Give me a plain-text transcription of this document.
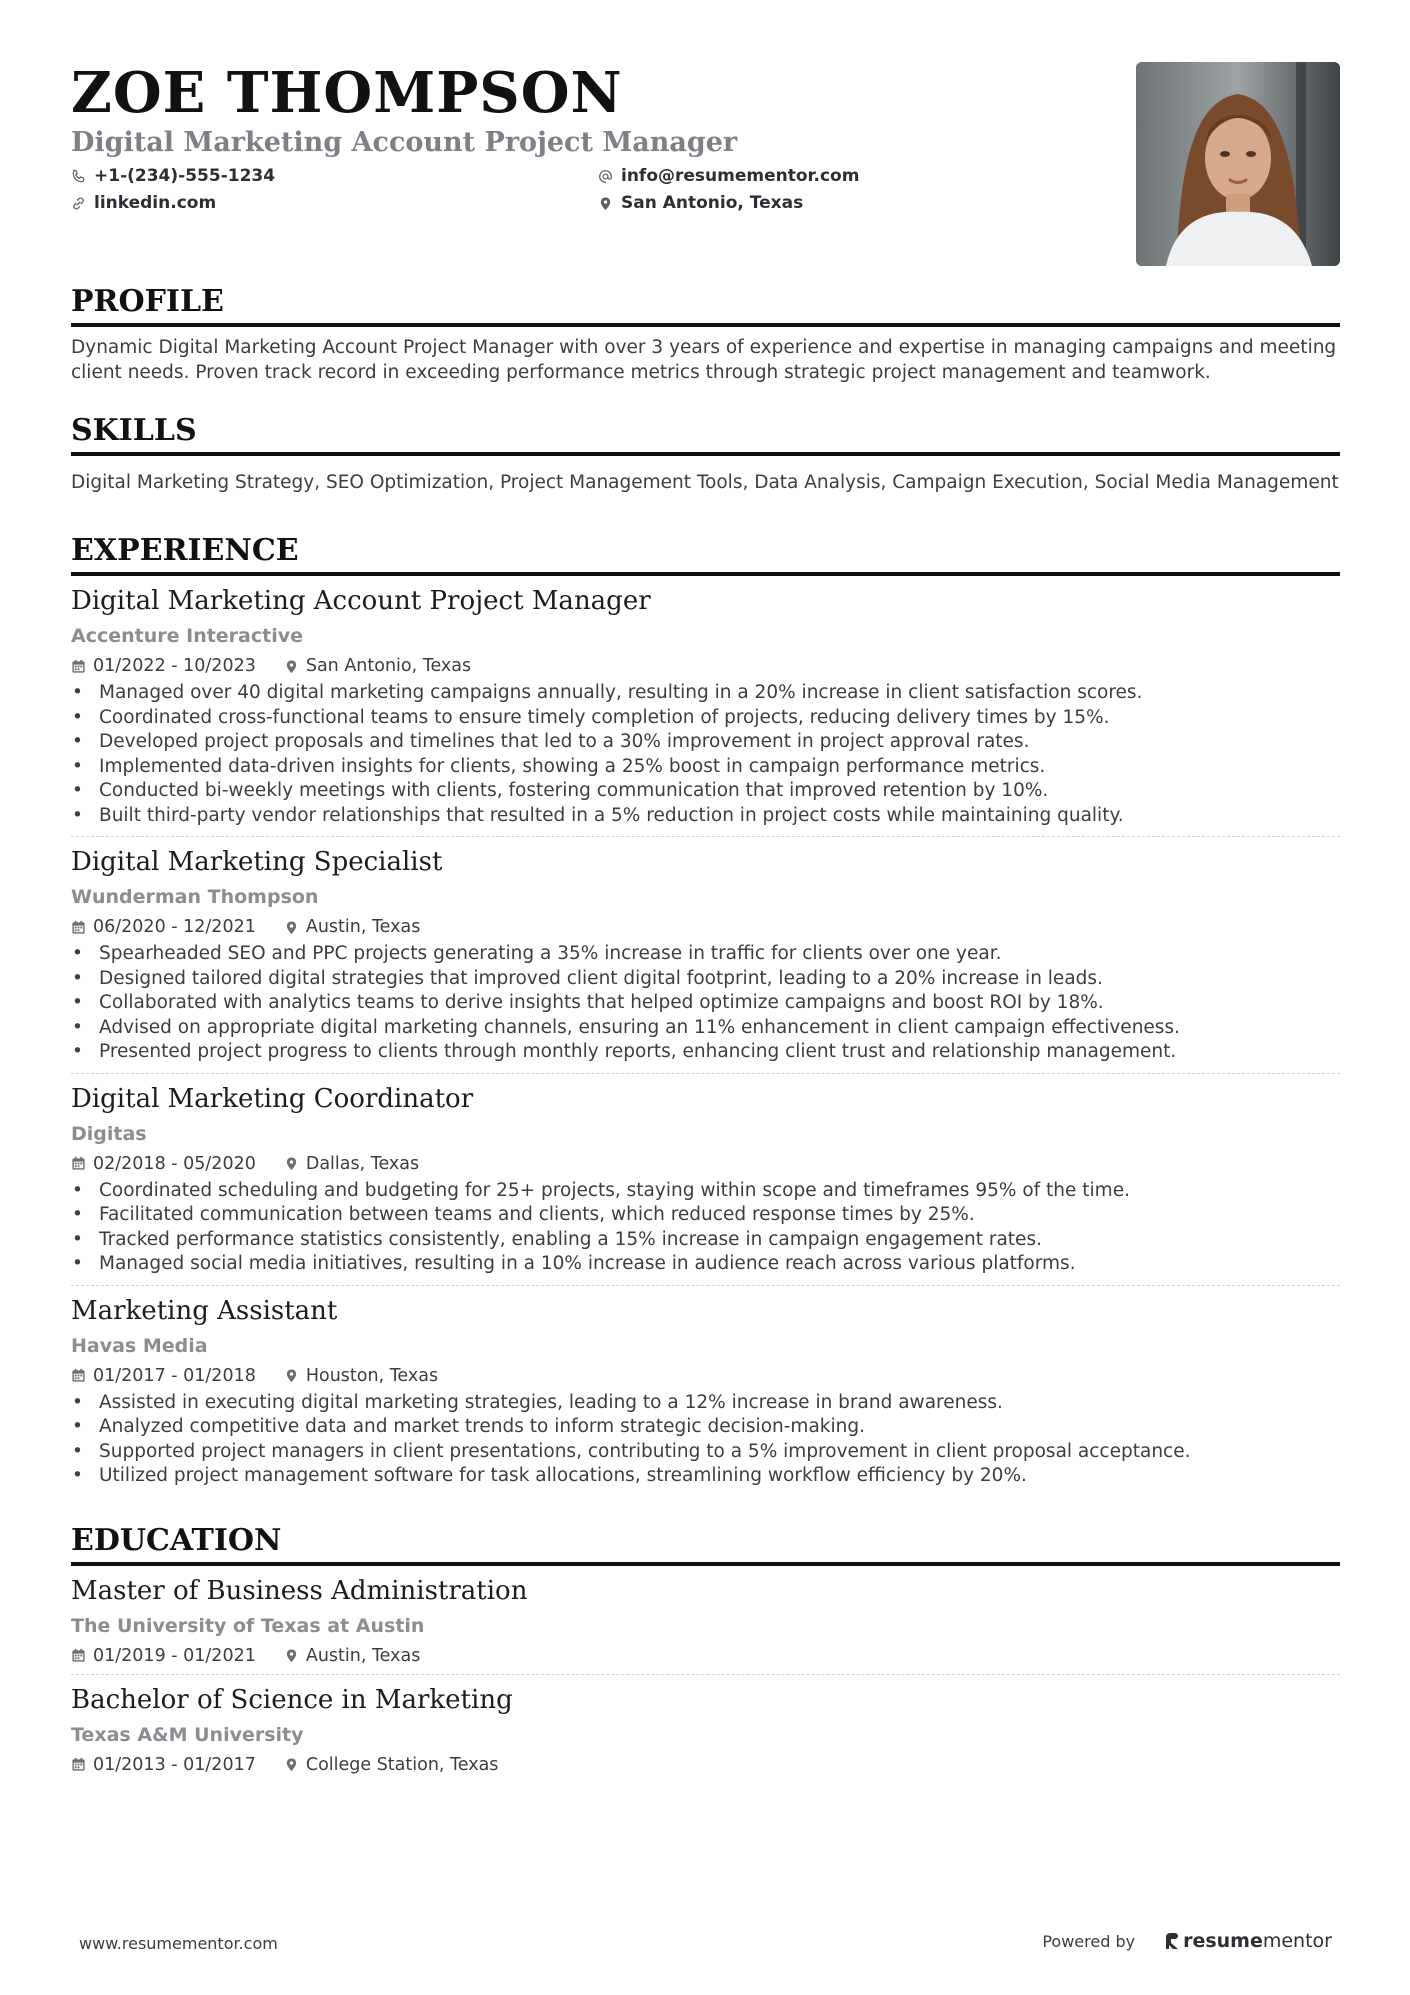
ZOE THOMPSON
Digital Marketing Account Project Manager
+1-(234)-555-1234
linkedin.com
info@resumementor.com
San Antonio, Texas
PROFILE

Dynamic Digital Marketing Account Project Manager with over 3 years of experience and expertise in managing campaigns and meeting client needs. Proven track record in exceeding performance metrics through strategic project management and teamwork.

SKILLS

Digital Marketing Strategy, SEO Optimization, Project Management Tools, Data Analysis, Campaign Execution, Social Media Management

EXPERIENCE
Digital Marketing Account Project Manager
Accenture Interactive
01/2022 - 10/2023	San Antonio, Texas
• Managed over 40 digital marketing campaigns annually, resulting in a 20% increase in client satisfaction scores.
• Coordinated cross-functional teams to ensure timely completion of projects, reducing delivery times by 15%.
• Developed project proposals and timelines that led to a 30% improvement in project approval rates.
• Implemented data-driven insights for clients, showing a 25% boost in campaign performance metrics.
• Conducted bi-weekly meetings with clients, fostering communication that improved retention by 10%.
• Built third-party vendor relationships that resulted in a 5% reduction in project costs while maintaining quality.
Digital Marketing Specialist
Wunderman Thompson
06/2020 - 12/2021	Austin, Texas
• Spearheaded SEO and PPC projects generating a 35% increase in traffic for clients over one year.
• Designed tailored digital strategies that improved client digital footprint, leading to a 20% increase in leads.
• Collaborated with analytics teams to derive insights that helped optimize campaigns and boost ROI by 18%.
• Advised on appropriate digital marketing channels, ensuring an 11% enhancement in client campaign effectiveness.
• Presented project progress to clients through monthly reports, enhancing client trust and relationship management.
Digital Marketing Coordinator
Digitas
02/2018 - 05/2020	Dallas, Texas
• Coordinated scheduling and budgeting for 25+ projects, staying within scope and timeframes 95% of the time.
• Facilitated communication between teams and clients, which reduced response times by 25%.
• Tracked performance statistics consistently, enabling a 15% increase in campaign engagement rates.
• Managed social media initiatives, resulting in a 10% increase in audience reach across various platforms.
Marketing Assistant
Havas Media
01/2017 - 01/2018	Houston, Texas
• Assisted in executing digital marketing strategies, leading to a 12% increase in brand awareness.
• Analyzed competitive data and market trends to inform strategic decision-making.
• Supported project managers in client presentations, contributing to a 5% improvement in client proposal acceptance.
• Utilized project management software for task allocations, streamlining workflow efficiency by 20%.
EDUCATION
Master of Business Administration
The University of Texas at Austin
01/2019 - 01/2021	Austin, Texas
Bachelor of Science in Marketing
Texas A&M University
01/2013 - 01/2017	College Station, Texas
www.resumementor.com	Powered by	resume mentor
